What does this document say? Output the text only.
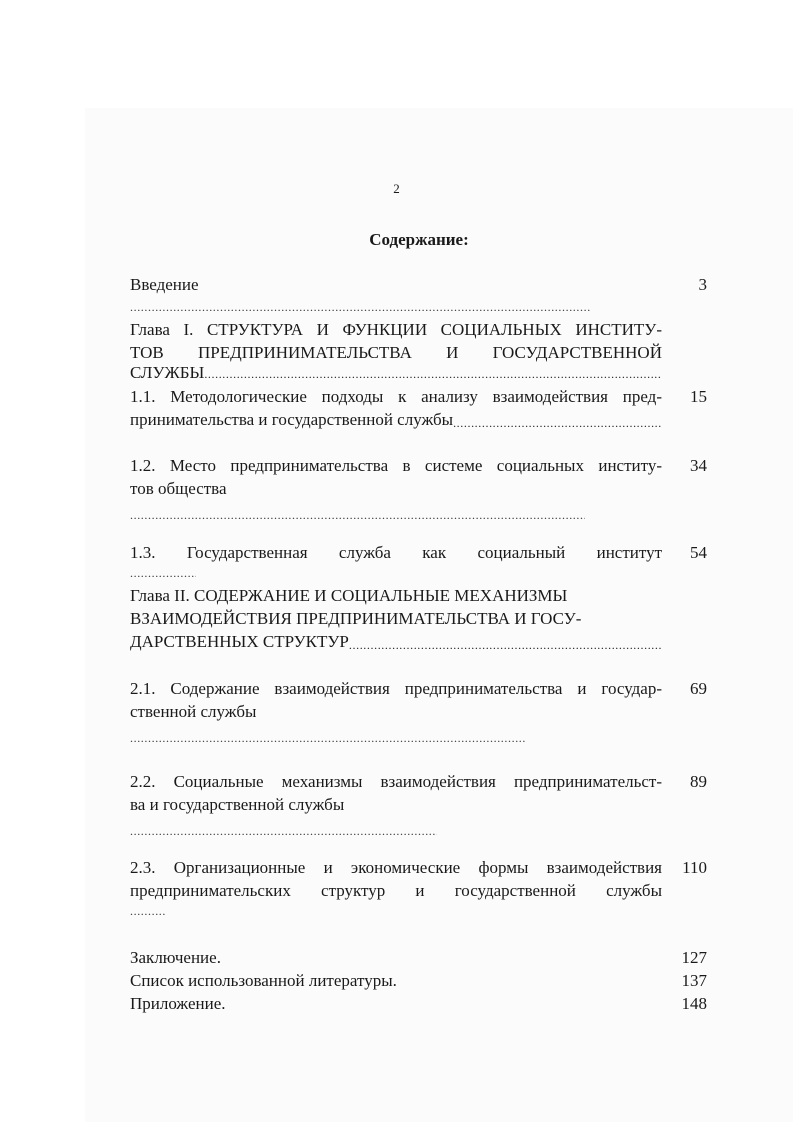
2
Содержание:
Введение
.....	3
Глава I. СТРУКТУРА И ФУНКЦИИ СОЦИАЛЬНЫХ ИНСТИТУ-
ТОВ ПРЕДПРИНИМАТЕЛЬСТВА И ГОСУДАРСТВЕННОЙ
СЛУЖБЫ
.....
1.1. Методологические подходы к анализу взаимодействия пред-
принимательства и государственной службы
.....
15
1.2. Место предпринимательства в системе социальных институ-
тов общества
.....
34
1.3. Государственная служба как социальный институт
..... 54
Глава II. СОДЕРЖАНИЕ И СОЦИАЛЬНЫЕ МЕХАНИЗМЫ
ВЗАИМОДЕЙСТВИЯ ПРЕДПРИНИМАТЕЛЬСТВА И ГОСУ-
ДАРСТВЕННЫХ СТРУКТУР
.....
2.1. Содержание взаимодействия предпринимательства и государ-
ственной службы
.....
69
2.2. Социальные механизмы взаимодействия предпринимательст-
ва и государственной службы
.....
89
2.3. Организационные и экономические формы взаимодействия
предпринимательских структур и государственной службы
.....
110
Заключение.	127
Список использованной литературы.	137
Приложение.	148
